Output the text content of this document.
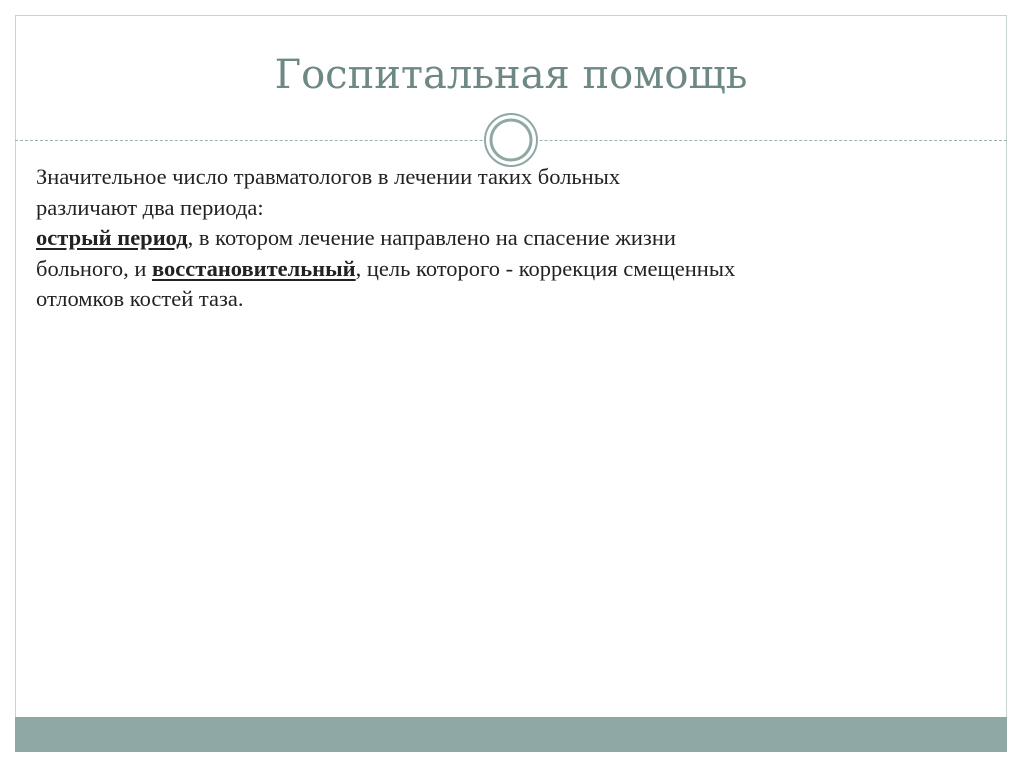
Госпитальная помощь
Значительное число травматологов в лечении таких больных
различают два периода:
острый период, в котором лечение направлено на спасение жизни
больного, и восстановительный, цель которого - коррекция смещенных
отломков костей таза.
